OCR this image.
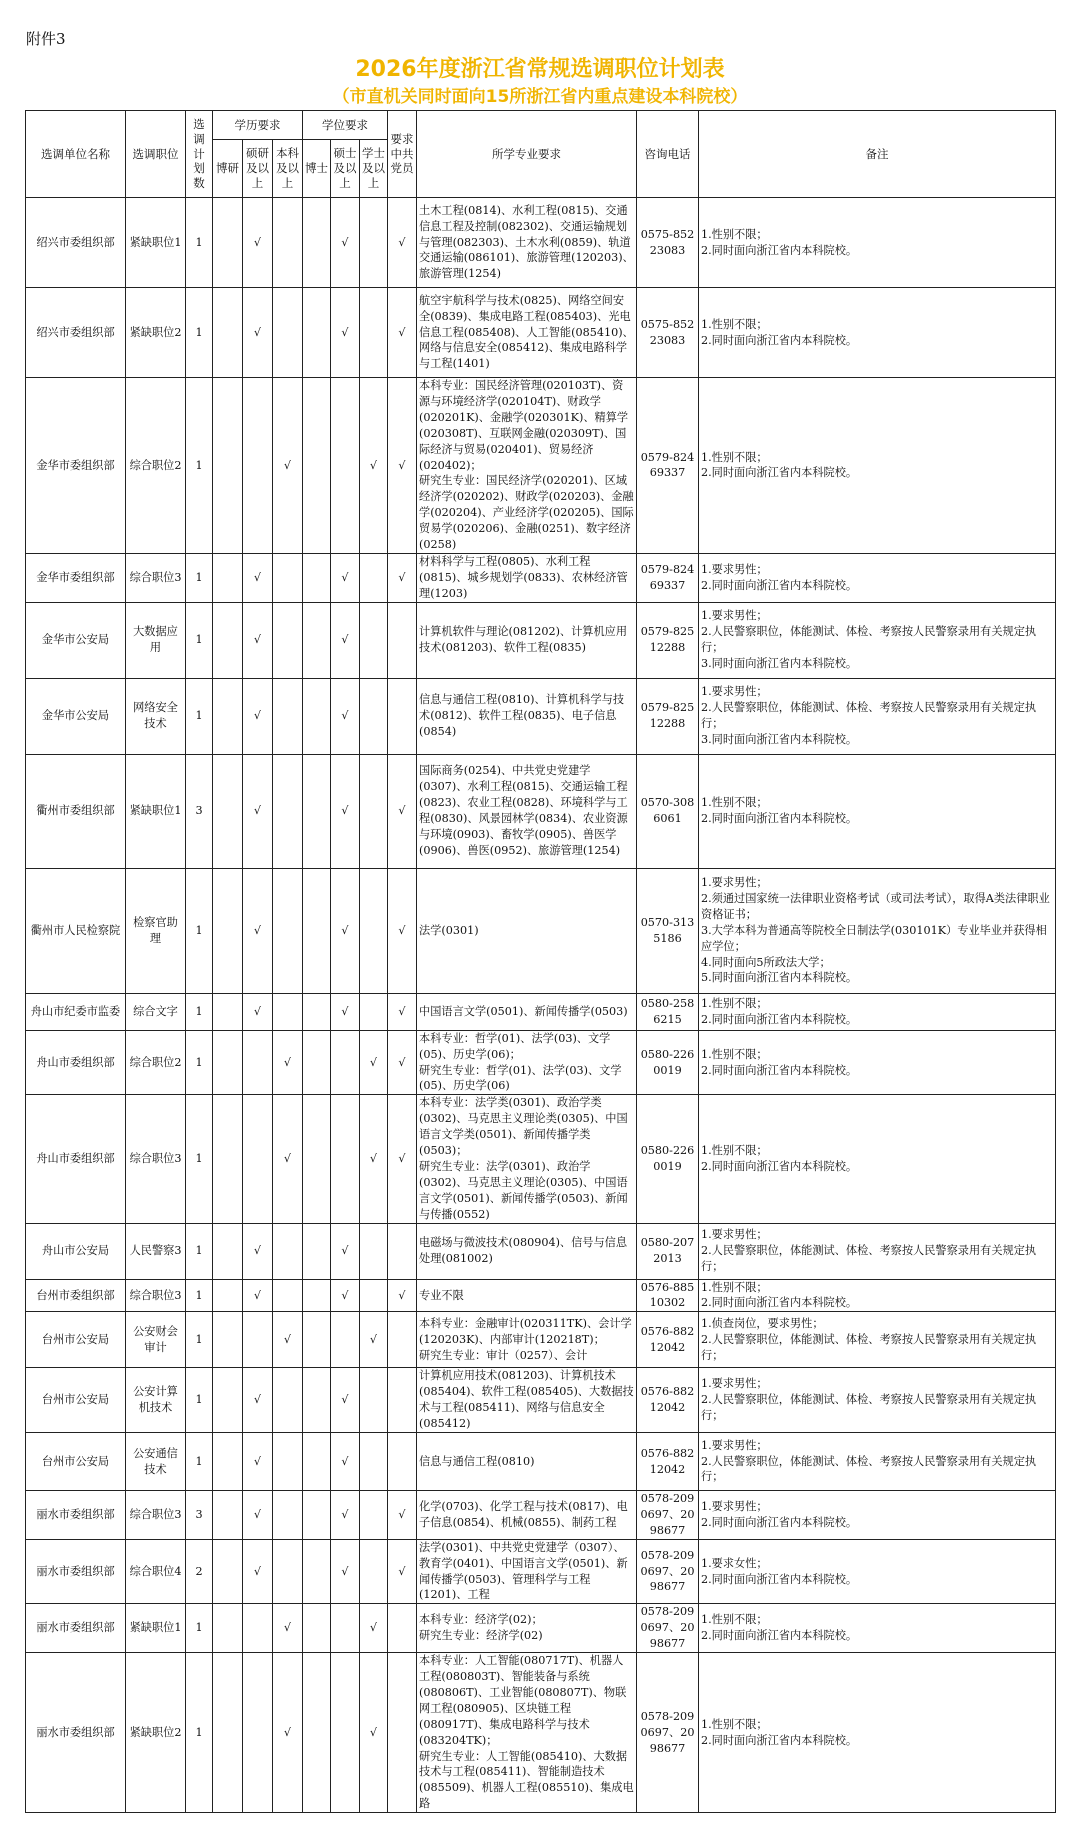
附件3
2026年度浙江省常规选调职位计划表
（市直机关同时面向15所浙江省内重点建设本科院校）
选调单位名称	选调职位	选调计划数	学历要求			学位要求			要求中共党员	所学专业要求	咨询电话	备注
			博研	硕研及以上	本科及以上	博士	硕士及以上	学士及以上				
绍兴市委组织部	紧缺职位1	1		√			√		√	土木工程(0814)、水利工程(0815)、交通信息工程及控制(082302)、交通运输规划与管理(082303)、土木水利(0859)、轨道交通运输(086101)、旅游管理(120203)、旅游管理(1254)	0575-85223083	1.性别不限；
2.同时面向浙江省内本科院校。
绍兴市委组织部	紧缺职位2	1		√			√		√	航空宇航科学与技术(0825)、网络空间安全(0839)、集成电路工程(085403)、光电信息工程(085408)、人工智能(085410)、网络与信息安全(085412)、集成电路科学与工程(1401)	0575-85223083	1.性别不限；
2.同时面向浙江省内本科院校。
金华市委组织部	综合职位2	1			√			√	√	本科专业：国民经济管理(020103T)、资源与环境经济学(020104T)、财政学(020201K)、金融学(020301K)、精算学(020308T)、互联网金融(020309T)、国际经济与贸易(020401)、贸易经济(020402)；
研究生专业：国民经济学(020201)、区域经济学(020202)、财政学(020203)、金融学(020204)、产业经济学(020205)、国际贸易学(020206)、金融(0251)、数字经济(0258)	0579-82469337	1.性别不限；
2.同时面向浙江省内本科院校。
金华市委组织部	综合职位3	1		√			√		√	材料科学与工程(0805)、水利工程(0815)、城乡规划学(0833)、农林经济管理(1203)	0579-82469337	1.要求男性；
2.同时面向浙江省内本科院校。
金华市公安局	大数据应用	1		√			√			计算机软件与理论(081202)、计算机应用技术(081203)、软件工程(0835)	0579-82512288	1.要求男性；
2.人民警察职位，体能测试、体检、考察按人民警察录用有关规定执行；
3.同时面向浙江省内本科院校。
金华市公安局	网络安全技术	1		√			√			信息与通信工程(0810)、计算机科学与技术(0812)、软件工程(0835)、电子信息(0854)	0579-82512288	1.要求男性；
2.人民警察职位，体能测试、体检、考察按人民警察录用有关规定执行；
3.同时面向浙江省内本科院校。
衢州市委组织部	紧缺职位1	3		√			√		√	国际商务(0254)、中共党史党建学(0307)、水利工程(0815)、交通运输工程(0823)、农业工程(0828)、环境科学与工程(0830)、风景园林学(0834)、农业资源与环境(0903)、畜牧学(0905)、兽医学(0906)、兽医(0952)、旅游管理(1254)	0570-3086061	1.性别不限；
2.同时面向浙江省内本科院校。
衢州市人民检察院	检察官助理	1		√			√		√	法学(0301)	0570-3135186	1.要求男性；
2.须通过国家统一法律职业资格考试（或司法考试），取得A类法律职业资格证书；
3.大学本科为普通高等院校全日制法学(030101K）专业毕业并获得相应学位；
4.同时面向5所政法大学；
5.同时面向浙江省内本科院校。
舟山市纪委市监委	综合文字	1		√			√		√	中国语言文学(0501)、新闻传播学(0503)	0580-2586215	1.性别不限；
2.同时面向浙江省内本科院校。
舟山市委组织部	综合职位2	1			√			√	√	本科专业：哲学(01)、法学(03)、文学(05)、历史学(06)；
研究生专业：哲学(01)、法学(03)、文学(05)、历史学(06)	0580-2260019	1.性别不限；
2.同时面向浙江省内本科院校。
舟山市委组织部	综合职位3	1			√			√	√	本科专业：法学类(0301)、政治学类(0302)、马克思主义理论类(0305)、中国语言文学类(0501)、新闻传播学类(0503)；
研究生专业：法学(0301)、政治学(0302)、马克思主义理论(0305)、中国语言文学(0501)、新闻传播学(0503)、新闻与传播(0552)	0580-2260019	1.性别不限；
2.同时面向浙江省内本科院校。
舟山市公安局	人民警察3	1		√			√			电磁场与微波技术(080904)、信号与信息处理(081002)	0580-2072013	1.要求男性；
2.人民警察职位，体能测试、体检、考察按人民警察录用有关规定执行；
台州市委组织部	综合职位3	1		√			√		√	专业不限	0576-88510302	1.性别不限；
2.同时面向浙江省内本科院校。
台州市公安局	公安财会审计	1			√			√		本科专业：金融审计(020311TK)、会计学(120203K)、内部审计(120218T)；
研究生专业：审计（0257）、会计	0576-88212042	1.侦查岗位，要求男性；
2.人民警察职位，体能测试、体检、考察按人民警察录用有关规定执行；
台州市公安局	公安计算机技术	1		√			√			计算机应用技术(081203)、计算机技术(085404)、软件工程(085405)、大数据技术与工程(085411)、网络与信息安全(085412)	0576-88212042	1.要求男性；
2.人民警察职位，体能测试、体检、考察按人民警察录用有关规定执行；
台州市公安局	公安通信技术	1		√			√			信息与通信工程(0810)	0576-88212042	1.要求男性；
2.人民警察职位，体能测试、体检、考察按人民警察录用有关规定执行；
丽水市委组织部	综合职位3	3		√			√		√	化学(0703)、化学工程与技术(0817)、电子信息(0854)、机械(0855)、制药工程	0578-2090697、2098677	1.要求男性；
2.同时面向浙江省内本科院校。
丽水市委组织部	综合职位4	2		√			√		√	法学(0301)、中共党史党建学（0307）、教育学(0401)、中国语言文学(0501)、新闻传播学(0503)、管理科学与工程(1201)、工程	0578-2090697、2098677	1.要求女性；
2.同时面向浙江省内本科院校。
丽水市委组织部	紧缺职位1	1			√			√		本科专业：经济学(02)；
研究生专业：经济学(02)	0578-2090697、2098677	1.性别不限；
2.同时面向浙江省内本科院校。
丽水市委组织部	紧缺职位2	1			√			√		本科专业：人工智能(080717T)、机器人工程(080803T)、智能装备与系统(080806T)、工业智能(080807T)、物联网工程(080905)、区块链工程(080917T)、集成电路科学与技术(083204TK)；
研究生专业：人工智能(085410)、大数据技术与工程(085411)、智能制造技术(085509)、机器人工程(085510)、集成电路	0578-2090697、2098677	1.性别不限；
2.同时面向浙江省内本科院校。
